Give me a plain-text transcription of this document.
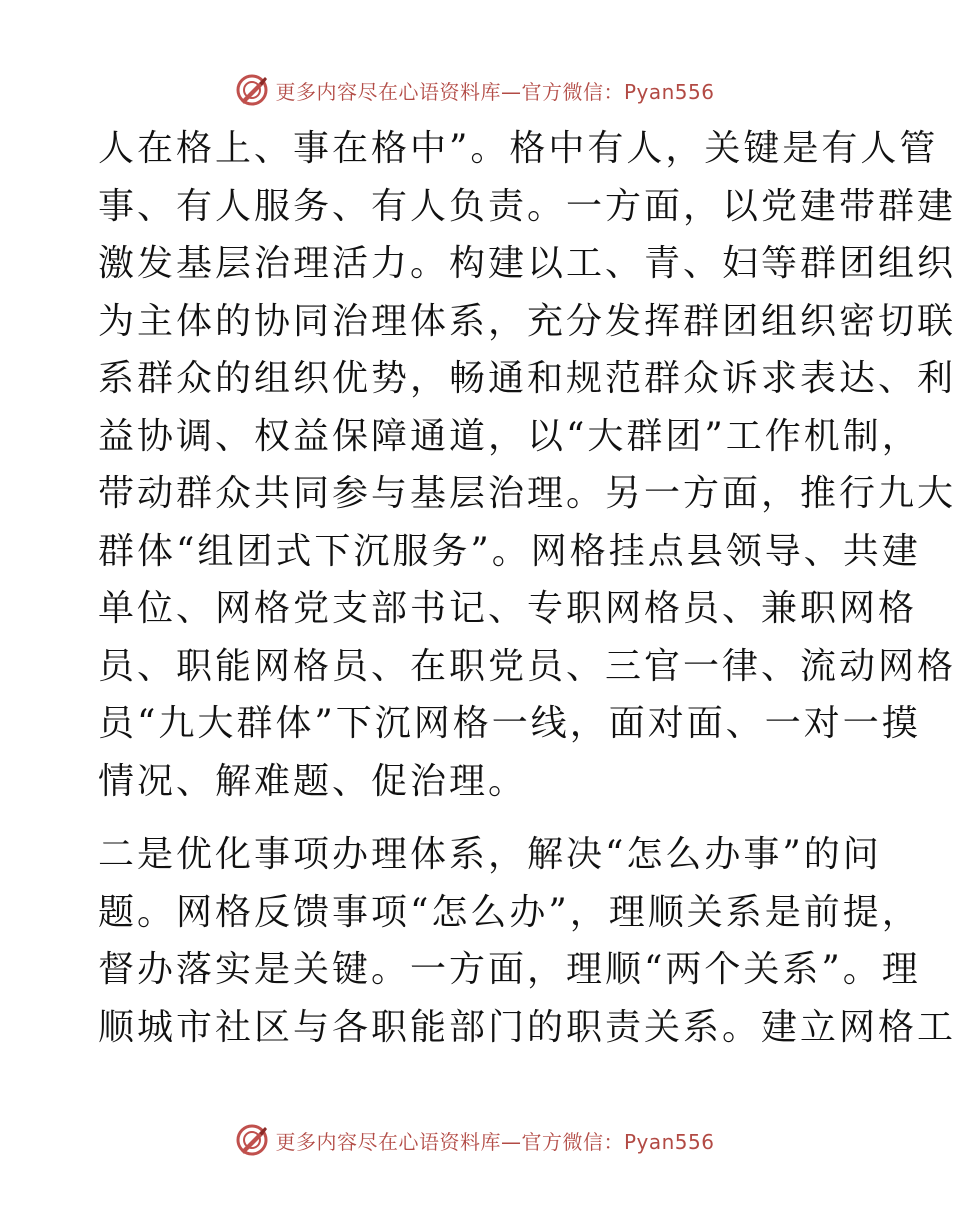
更多内容尽在心语资料库—官方微信：Pyan556
人在格上、事在格中”。格中有人，关键是有人管
事、有人服务、有人负责。一方面，以党建带群建
激发基层治理活力。构建以工、青、妇等群团组织
为主体的协同治理体系，充分发挥群团组织密切联
系群众的组织优势，畅通和规范群众诉求表达、利
益协调、权益保障通道，以“大群团”工作机制，
带动群众共同参与基层治理。另一方面，推行九大
群体“组团式下沉服务”。网格挂点县领导、共建
单位、网格党支部书记、专职网格员、兼职网格
员、职能网格员、在职党员、三官一律、流动网格
员“九大群体”下沉网格一线，面对面、一对一摸
情况、解难题、促治理。
二是优化事项办理体系，解决“怎么办事”的问
题。网格反馈事项“怎么办”，理顺关系是前提，
督办落实是关键。一方面，理顺“两个关系”。理
顺城市社区与各职能部门的职责关系。建立网格工
更多内容尽在心语资料库—官方微信：Pyan556
